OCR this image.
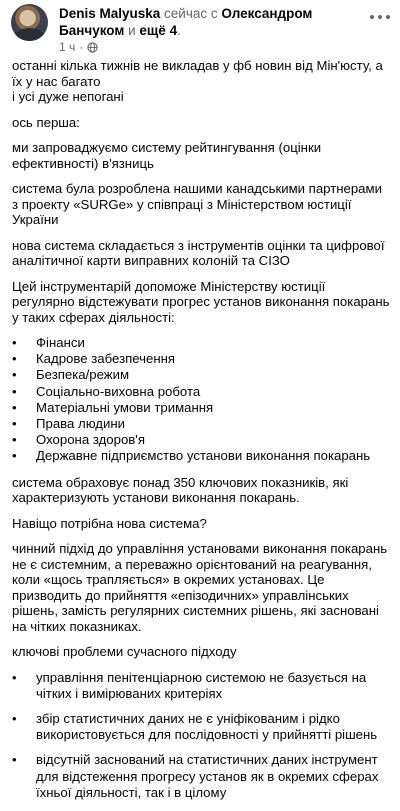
Denis Malyuska сейчас с Олександром Банчуком и ещё 4.
1 ч ·

останні кілька тижнів не викладав у фб новин від Мін'юсту, а їх у нас багато
і усі дуже непогані

ось перша:

ми запроваджуємо систему рейтингування (оцінки ефективності) в'язниць

система була розроблена нашими канадськими партнерами з проекту «SURGe» у співпраці з Міністерством юстиції України

нова система складається з інструментів оцінки та цифрової аналітичної карти виправних колоній та СІЗО

Цей інструментарій допоможе Міністерству юстиції регулярно відстежувати прогрес установ виконання покарань у таких сферах діяльності:

• Фінанси
• Кадрове забезпечення
• Безпека/режим
• Соціально-виховна робота
• Матеріальні умови тримання
• Права людини
• Охорона здоров'я
• Державне підприємство установи виконання покарань

система обраховує понад 350 ключових показників, які характеризують установи виконання покарань.

Навіщо потрібна нова система?

чинний підхід до управління установами виконання покарань не є системним, а переважно орієнтований на реагування, коли «щось трапляється» в окремих установах. Це призводить до прийняття «епізодичних» управлінських рішень, замість регулярних системних рішень, які засновані на чітких показниках.

ключові проблеми сучасного підходу

• управління пенітенціарною системою не базується на чітких і вимірюваних критеріях
• збір статистичних даних не є уніфікованим і рідко використовується для послідовності у прийнятті рішень
• відсутній заснований на статистичних даних інструмент для відстеження прогресу установ як в окремих сферах їхньої діяльності, так і в цілому
